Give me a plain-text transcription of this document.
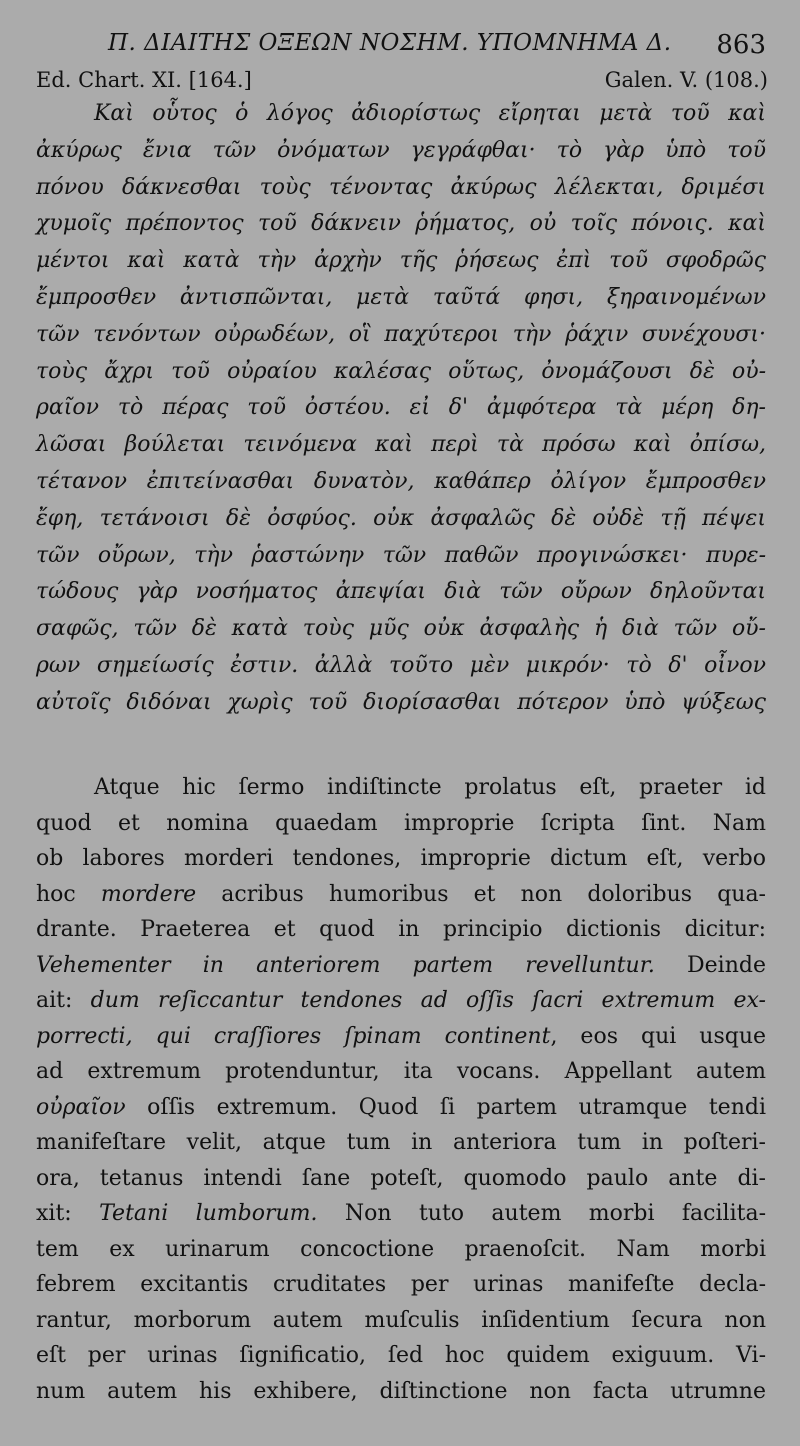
Π. ΔΙΑΙΤΗΣ ΟΞΕΩΝ ΝΟΣΗΜ. ΥΠΟΜΝΗΜΑ Δ. 863
Ed. Chart. XI. [164.]	Galen. V. (108.)
Καὶ οὗτος ὁ λόγος ἀδιορίστως εἴρηται μετὰ τοῦ καὶ
ἀκύρως ἔνια τῶν ὀνόματων γεγράφθαι· τὸ γὰρ ὑπὸ τοῦ
πόνου δάκνεσθαι τοὺς τένοντας ἀκύρως λέλεκται, δριμέσι
χυμοῖς πρέποντος τοῦ δάκνειν ῥήματος, οὐ τοῖς πόνοις. καὶ
μέντοι καὶ κατὰ τὴν ἀρχὴν τῆς ῥήσεως ἐπὶ τοῦ σφοδρῶς
ἔμπροσθεν ἀντισπῶνται, μετὰ ταῦτά φησι, ξηραινομένων
τῶν τενόντων οὐρωδέων, οἳ παχύτεροι τὴν ῥάχιν συνέχουσι·
τοὺς ἄχρι τοῦ οὐραίου καλέσας οὕτως, ὀνομάζουσι δὲ οὐ-
ραῖον τὸ πέρας τοῦ ὀστέου. εἰ δ' ἀμφότερα τὰ μέρη δη-
λῶσαι βούλεται τεινόμενα καὶ περὶ τὰ πρόσω καὶ ὀπίσω,
τέτανον ἐπιτείνασθαι δυνατὸν, καθάπερ ὀλίγον ἔμπροσθεν
ἔφη, τετάνοισι δὲ ὀσφύος. οὐκ ἀσφαλῶς δὲ οὐδὲ τῇ πέψει
τῶν οὔρων, τὴν ῥαστώνην τῶν παθῶν προγινώσκει· πυρε-
τώδους γὰρ νοσήματος ἀπεψίαι διὰ τῶν οὔρων δηλοῦνται
σαφῶς, τῶν δὲ κατὰ τοὺς μῦς οὐκ ἀσφαλὴς ἡ διὰ τῶν οὔ-
ρων σημείωσίς ἐστιν. ἀλλὰ τοῦτο μὲν μικρόν· τὸ δ' οἶνον
αὐτοῖς διδόναι χωρὶς τοῦ διορίσασθαι πότερον ὑπὸ ψύξεως
Atque hic ſermo indiſtincte prolatus eſt, praeter id
quod et nomina quaedam improprie ſcripta ſint. Nam
ob labores morderi tendones, improprie dictum eſt, verbo
hoc mordere acribus humoribus et non doloribus qua-
drante. Praeterea et quod in principio dictionis dicitur:
Vehementer in anteriorem partem revelluntur. Deinde
ait: dum reſiccantur tendones ad oſſis ſacri extremum ex-
porrecti, qui craſſiores ſpinam continent, eos qui usque
ad extremum protenduntur, ita vocans. Appellant autem
οὐραῖον oſſis extremum. Quod ſi partem utramque tendi
manifeſtare velit, atque tum in anteriora tum in poſteri-
ora, tetanus intendi ſane poteſt, quomodo paulo ante di-
xit: Tetani lumborum. Non tuto autem morbi facilita-
tem ex urinarum concoctione praenoſcit. Nam morbi
febrem excitantis cruditates per urinas manifeſte decla-
rantur, morborum autem muſculis inſidentium ſecura non
eſt per urinas ſignificatio, ſed hoc quidem exiguum. Vi-
num autem his exhibere, diſtinctione non facta utrumne
